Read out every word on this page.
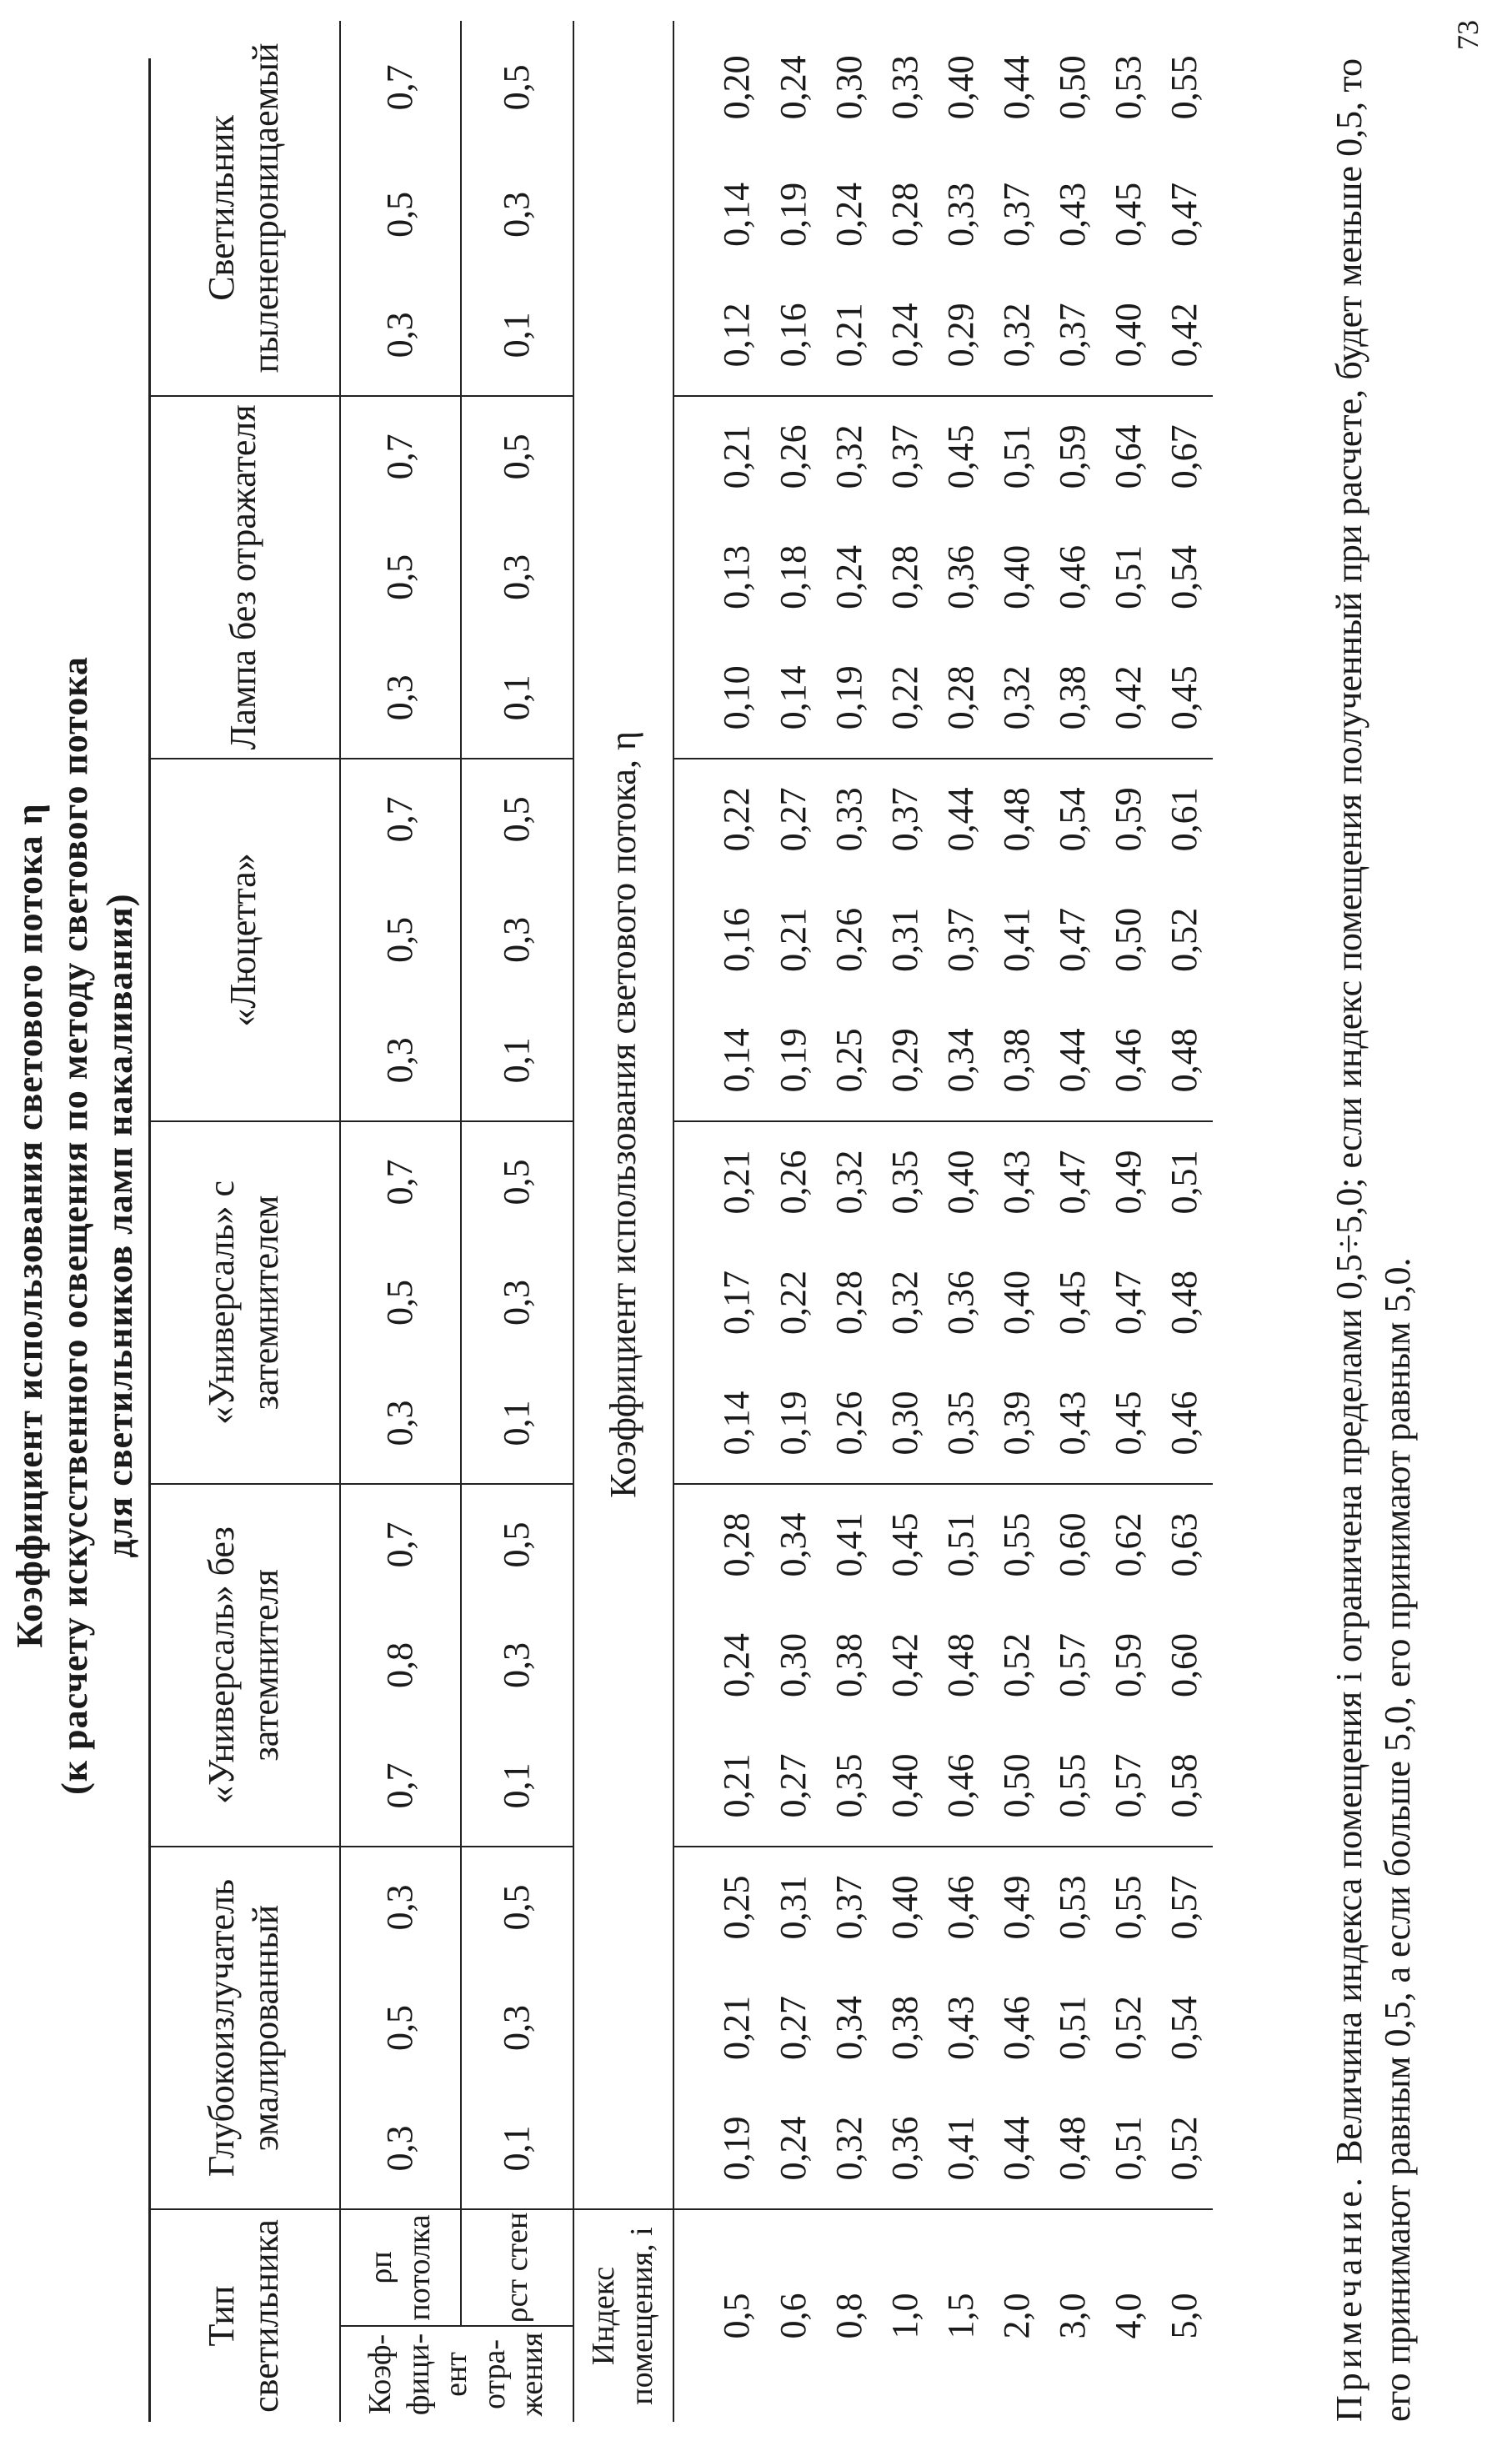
Коэффициент использования светового потока η (к расчету искусственного освещения по методу светового потока для светильников ламп накаливания)
Тип светильника		Глубокоизлучатель эмалированный			«Универсаль» без затемнителя			«Универсаль» с затемнителем			«Люцетта»			Лампа без отражателя			Светильник пыленепроницаемый		
Коэф-фици-ент отра-жения	ρп потолка	0,3	0,5	0,3	0,7	0,8	0,7	0,3	0,5	0,7	0,3	0,5	0,7	0,3	0,5	0,7	0,3	0,5	0,7
	ρст стен	0,1	0,3	0,5	0,1	0,3	0,5	0,1	0,3	0,5	0,1	0,3	0,5	0,1	0,3	0,5	0,1	0,3	0,5
Индекс помещения, i		Коэффициент использования светового потока, η																	
0,5		0,19	0,21	0,25	0,21	0,24	0,28	0,14	0,17	0,21	0,14	0,16	0,22	0,10	0,13	0,21	0,12	0,14	0,20
0,6		0,24	0,27	0,31	0,27	0,30	0,34	0,19	0,22	0,26	0,19	0,21	0,27	0,14	0,18	0,26	0,16	0,19	0,24
0,8		0,32	0,34	0,37	0,35	0,38	0,41	0,26	0,28	0,32	0,25	0,26	0,33	0,19	0,24	0,32	0,21	0,24	0,30
1,0		0,36	0,38	0,40	0,40	0,42	0,45	0,30	0,32	0,35	0,29	0,31	0,37	0,22	0,28	0,37	0,24	0,28	0,33
1,5		0,41	0,43	0,46	0,46	0,48	0,51	0,35	0,36	0,40	0,34	0,37	0,44	0,28	0,36	0,45	0,29	0,33	0,40
2,0		0,44	0,46	0,49	0,50	0,52	0,55	0,39	0,40	0,43	0,38	0,41	0,48	0,32	0,40	0,51	0,32	0,37	0,44
3,0		0,48	0,51	0,53	0,55	0,57	0,60	0,43	0,45	0,47	0,44	0,47	0,54	0,38	0,46	0,59	0,37	0,43	0,50
4,0		0,51	0,52	0,55	0,57	0,59	0,62	0,45	0,47	0,49	0,46	0,50	0,59	0,42	0,51	0,64	0,40	0,45	0,53
5,0		0,52	0,54	0,57	0,58	0,60	0,63	0,46	0,48	0,51	0,48	0,52	0,61	0,45	0,54	0,67	0,42	0,47	0,55
Примечание. Величина индекса помещения i ограничена пределами 0,5÷5,0; если индекс помещения полученный при расчете, будет меньше 0,5, то его принимают равным 0,5, а если больше 5,0, его принимают равным 5,0.
73
